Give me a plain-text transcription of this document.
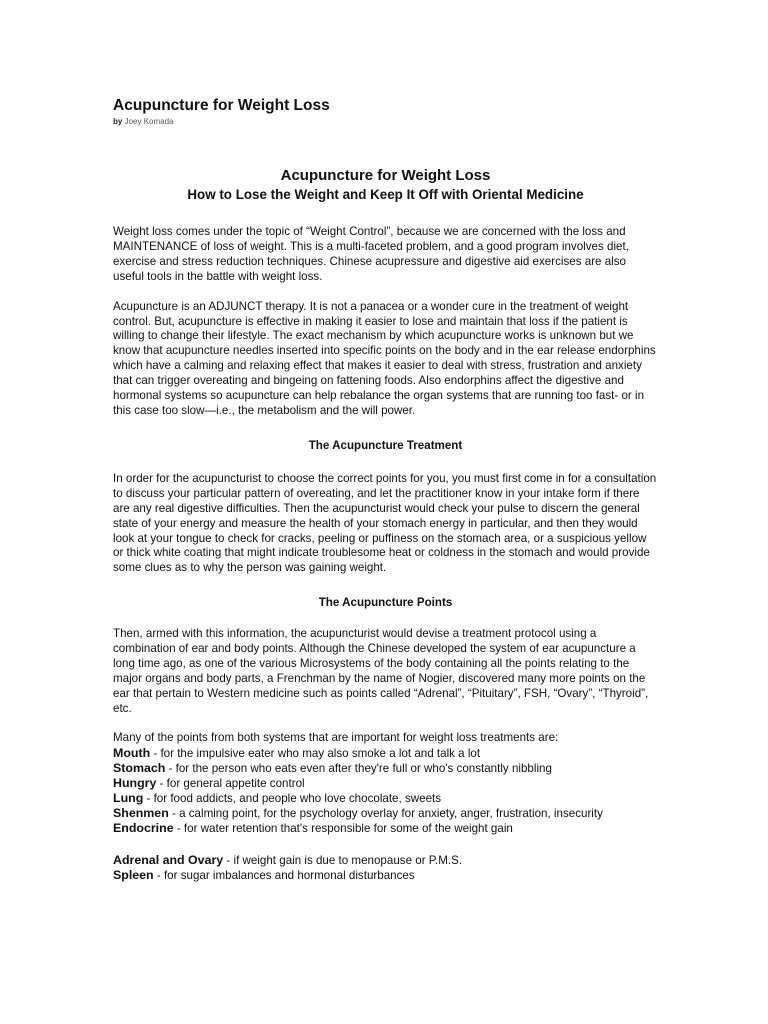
Acupuncture for Weight Loss
by Joey Komada
Acupuncture for Weight Loss
How to Lose the Weight and Keep It Off with Oriental Medicine

Weight loss comes under the topic of “Weight Control”, because we are concerned with the loss and MAINTENANCE of loss of weight. This is a multi-faceted problem, and a good program involves diet, exercise and stress reduction techniques. Chinese acupressure and digestive aid exercises are also useful tools in the battle with weight loss.

Acupuncture is an ADJUNCT therapy. It is not a panacea or a wonder cure in the treatment of weight control. But, acupuncture is effective in making it easier to lose and maintain that loss if the patient is willing to change their lifestyle. The exact mechanism by which acupuncture works is unknown but we know that acupuncture needles inserted into specific points on the body and in the ear release endorphins which have a calming and relaxing effect that makes it easier to deal with stress, frustration and anxiety that can trigger overeating and bingeing on fattening foods. Also endorphins affect the digestive and hormonal systems so acupuncture can help rebalance the organ systems that are running too fast- or in this case too slow—i.e., the metabolism and the will power.

The Acupuncture Treatment

In order for the acupuncturist to choose the correct points for you, you must first come in for a consultation to discuss your particular pattern of overeating, and let the practitioner know in your intake form if there are any real digestive difficulties. Then the acupuncturist would check your pulse to discern the general state of your energy and measure the health of your stomach energy in particular, and then they would look at your tongue to check for cracks, peeling or puffiness on the stomach area, or a suspicious yellow or thick white coating that might indicate troublesome heat or coldness in the stomach and would provide some clues as to why the person was gaining weight.

The Acupuncture Points

Then, armed with this information, the acupuncturist would devise a treatment protocol using a combination of ear and body points. Although the Chinese developed the system of ear acupuncture a long time ago, as one of the various Microsystems of the body containing all the points relating to the major organs and body parts, a Frenchman by the name of Nogier, discovered many more points on the ear that pertain to Western medicine such as points called “Adrenal”, “Pituitary”, FSH, “Ovary”, “Thyroid”, etc.

Many of the points from both systems that are important for weight loss treatments are:

Mouth - for the impulsive eater who may also smoke a lot and talk a lot
Stomach - for the person who eats even after they're full or who's constantly nibbling
Hungry - for general appetite control
Lung - for food addicts, and people who love chocolate, sweets
Shenmen - a calming point, for the psychology overlay for anxiety, anger, frustration, insecurity
Endocrine - for water retention that's responsible for some of the weight gain
Adrenal and Ovary - if weight gain is due to menopause or P.M.S.
Spleen - for sugar imbalances and hormonal disturbances
